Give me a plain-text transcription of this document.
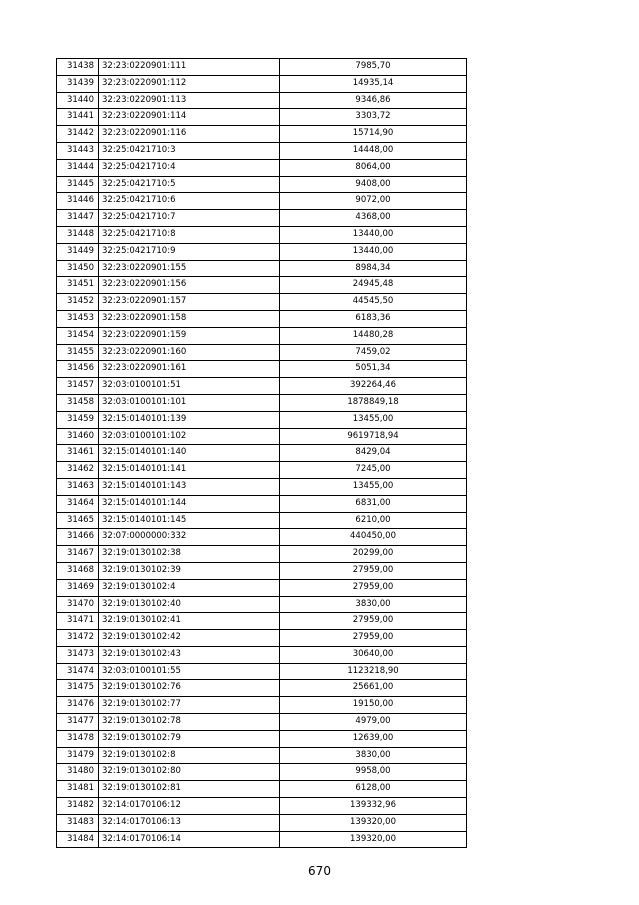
31438	32:23:0220901:111	7985,70
31439	32:23:0220901:112	14935,14
31440	32:23:0220901:113	9346,86
31441	32:23:0220901:114	3303,72
31442	32:23:0220901:116	15714,90
31443	32:25:0421710:3	14448,00
31444	32:25:0421710:4	8064,00
31445	32:25:0421710:5	9408,00
31446	32:25:0421710:6	9072,00
31447	32:25:0421710:7	4368,00
31448	32:25:0421710:8	13440,00
31449	32:25:0421710:9	13440,00
31450	32:23:0220901:155	8984,34
31451	32:23:0220901:156	24945,48
31452	32:23:0220901:157	44545,50
31453	32:23:0220901:158	6183,36
31454	32:23:0220901:159	14480,28
31455	32:23:0220901:160	7459,02
31456	32:23:0220901:161	5051,34
31457	32:03:0100101:51	392264,46
31458	32:03:0100101:101	1878849,18
31459	32:15:0140101:139	13455,00
31460	32:03:0100101:102	9619718,94
31461	32:15:0140101:140	8429,04
31462	32:15:0140101:141	7245,00
31463	32:15:0140101:143	13455,00
31464	32:15:0140101:144	6831,00
31465	32:15:0140101:145	6210,00
31466	32:07:0000000:332	440450,00
31467	32:19:0130102:38	20299,00
31468	32:19:0130102:39	27959,00
31469	32:19:0130102:4	27959,00
31470	32:19:0130102:40	3830,00
31471	32:19:0130102:41	27959,00
31472	32:19:0130102:42	27959,00
31473	32:19:0130102:43	30640,00
31474	32:03:0100101:55	1123218,90
31475	32:19:0130102:76	25661,00
31476	32:19:0130102:77	19150,00
31477	32:19:0130102:78	4979,00
31478	32:19:0130102:79	12639,00
31479	32:19:0130102:8	3830,00
31480	32:19:0130102:80	9958,00
31481	32:19:0130102:81	6128,00
31482	32:14:0170106:12	139332,96
31483	32:14:0170106:13	139320,00
31484	32:14:0170106:14	139320,00
670
